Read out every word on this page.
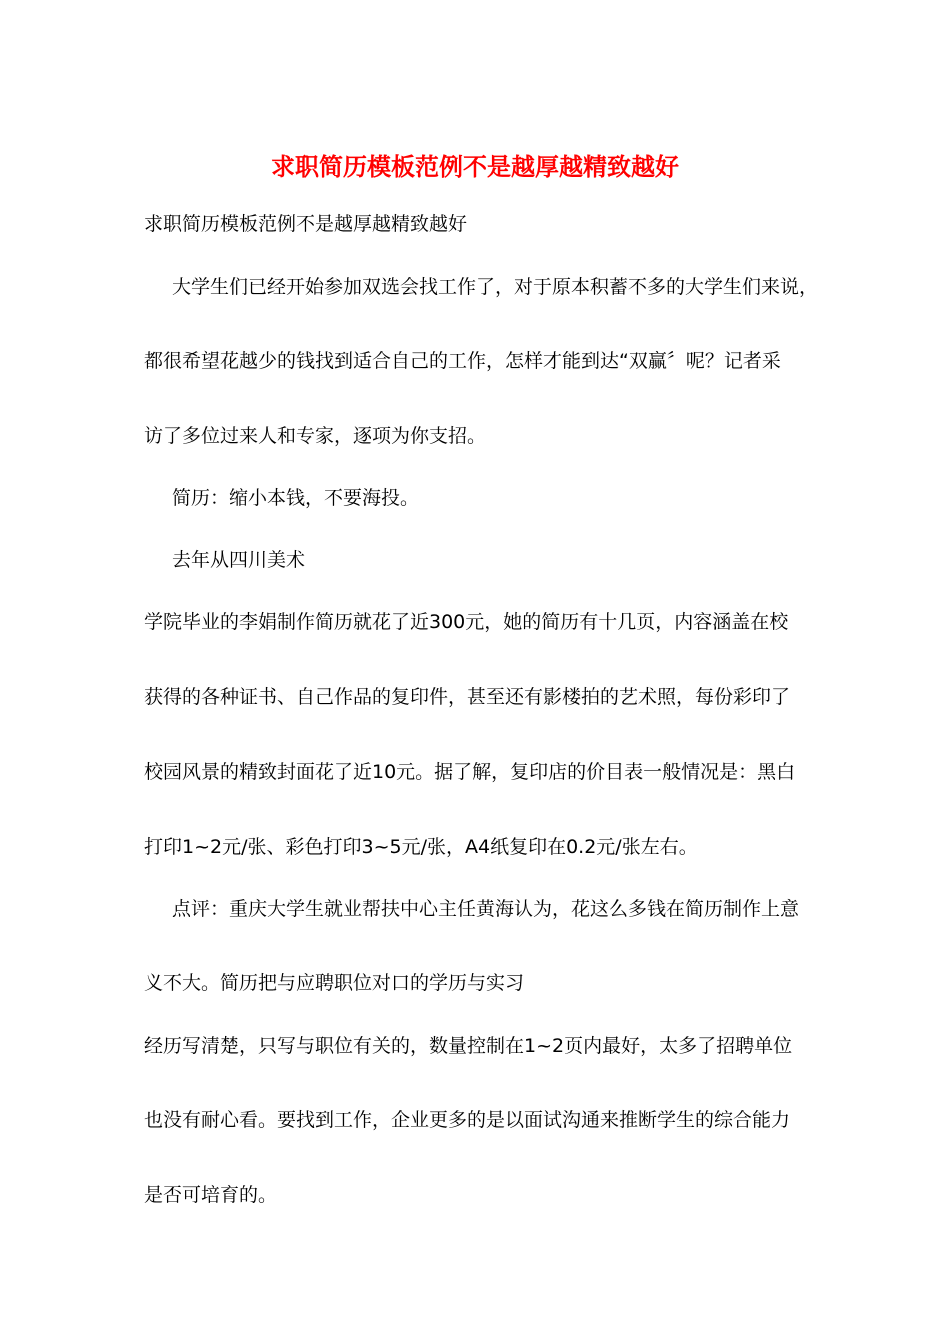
求职简历模板范例不是越厚越精致越好

求职简历模板范例不是越厚越精致越好

大学生们已经开始参加双选会找工作了，对于原本积蓄不多的大学生们来说，

都很希望花越少的钱找到适合自己的工作，怎样才能到达“双赢〞呢？记者采

访了多位过来人和专家，逐项为你支招。

简历：缩小本钱，不要海投。

去年从四川美术

学院毕业的李娟制作简历就花了近300元，她的简历有十几页，内容涵盖在校

获得的各种证书、自己作品的复印件，甚至还有影楼拍的艺术照，每份彩印了

校园风景的精致封面花了近10元。据了解，复印店的价目表一般情况是：黑白

打印1~2元/张、彩色打印3~5元/张，A4纸复印在0.2元/张左右。

点评：重庆大学生就业帮扶中心主任黄海认为，花这么多钱在简历制作上意

义不大。简历把与应聘职位对口的学历与实习

经历写清楚，只写与职位有关的，数量控制在1~2页内最好，太多了招聘单位

也没有耐心看。要找到工作，企业更多的是以面试沟通来推断学生的综合能力

是否可培育的。
